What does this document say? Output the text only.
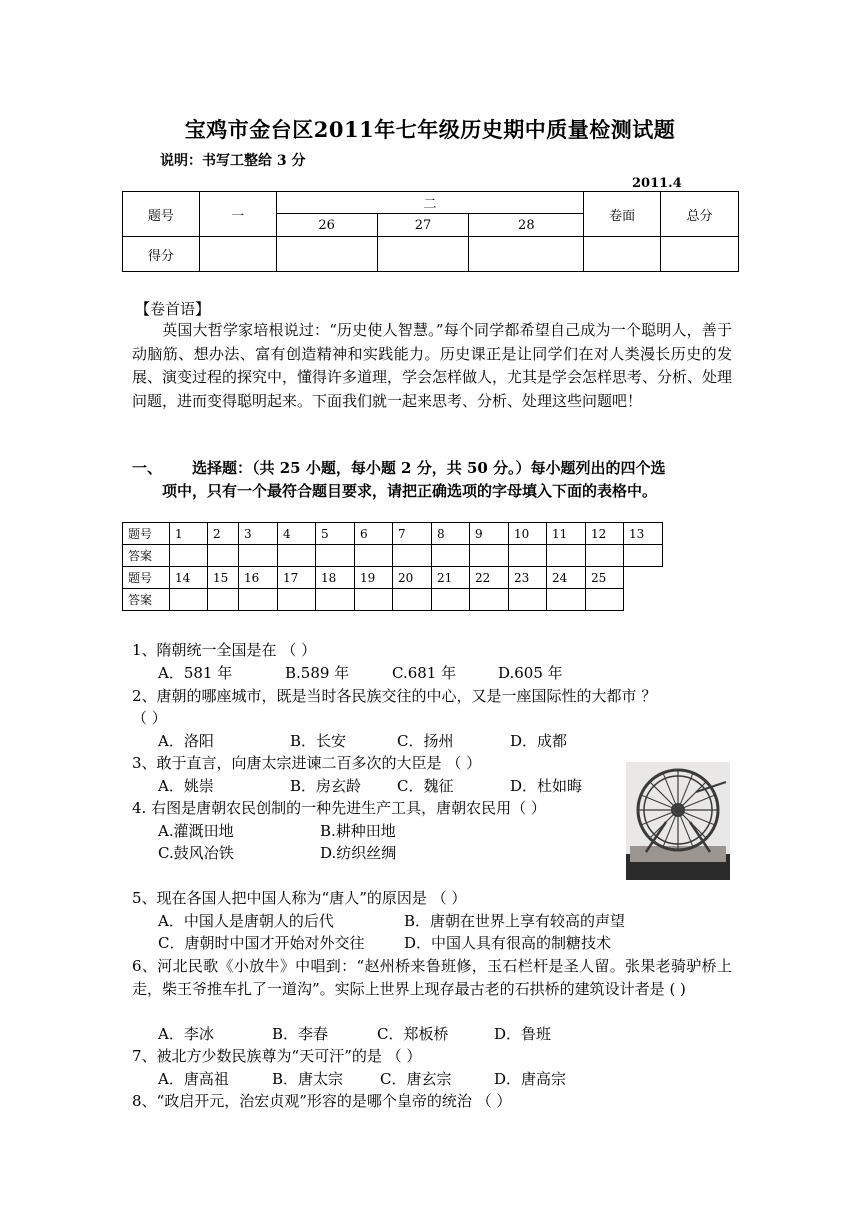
宝鸡市金台区2011年七年级历史期中质量检测试题
说明：书写工整给 3 分
2011.4
题号	一	二			卷面	总分
		26	27	28		
得分						
【卷首语】
英国大哲学家培根说过：“历史使人智慧。”每个同学都希望自己成为一个聪明人，善于动脑筋、想办法、富有创造精神和实践能力。历史课正是让同学们在对人类漫长历史的发展、演变过程的探究中，懂得许多道理，学会怎样做人，尤其是学会怎样思考、分析、处理问题，进而变得聪明起来。下面我们就一起来思考、分析、处理这些问题吧！
一、 选择题：（共 25 小题，每小题 2 分，共 50 分。）每小题列出的四个选
项中，只有一个最符合题目要求，请把正确选项的字母填入下面的表格中。
题号	1	2	3	4	5	6	7	8	9	10	11	12	13
答案													
题号	14	15	16	17	18	19	20	21	22	23	24	25	
答案													
1、隋朝统一全国是在 （ ）
A．581 年	B.589 年	C.681 年	D.605 年
2、唐朝的哪座城市，既是当时各民族交往的中心，又是一座国际性的大都市 ？
（ ）
A．洛阳	B．长安	C．扬州	D．成都
3、敢于直言，向唐太宗进谏二百多次的大臣是 （ ）
A．姚崇	B．房玄龄 C．魏征	D．杜如晦
4. 右图是唐朝农民创制的一种先进生产工具，唐朝农民用（ ）
A.灌溉田地	B.耕种田地
C.鼓风冶铁	D.纺织丝绸
5、现在各国人把中国人称为“唐人”的原因是 （ ）
A．中国人是唐朝人的后代	B．唐朝在世界上享有较高的声望
C．唐朝时中国才开始对外交往	D．中国人具有很高的制糖技术
6、河北民歌《小放牛》中唱到：“赵州桥来鲁班修，玉石栏杆是圣人留。张果老骑驴桥上走，柴王爷推车扎了一道沟”。实际上世界上现存最古老的石拱桥的建筑设计者是 ( )
A．李冰	B．李春	C．郑板桥	D．鲁班
7、被北方少数民族尊为“天可汗”的是 （ ）
A．唐高祖	B．唐太宗 C．唐玄宗	D．唐高宗
8、“政启开元，治宏贞观”形容的是哪个皇帝的统治 （ ）
